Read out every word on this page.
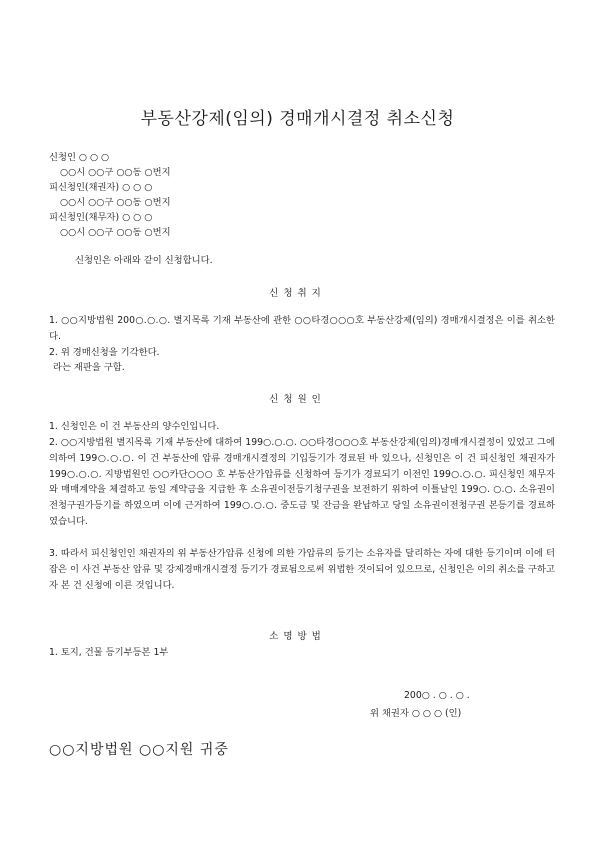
부동산강제(임의) 경매개시결정 취소신청
신청인 ○ ○ ○
○○시 ○○구 ○○동 ○번지
피신청인(채권자) ○ ○ ○
○○시 ○○구 ○○동 ○번지
피신청인(채무자) ○ ○ ○
○○시 ○○구 ○○동 ○번지
신청인은 아래와 같이 신청합니다.
신청취지
1. ○○지방법원 200○.○.○. 별지목록 기재 부동산에 관한 ○○타경○○○호 부동산강제(임의) 경매개시결정은 이를 취소한다.
2. 위 경매신청을 기각한다.
라는 재판을 구함.
신청원인
1. 신청인은 이 건 부동산의 양수인입니다.
2. ○○지방법원 별지목록 기재 부동산에 대하여 199○.○.○. ○○타경○○○호 부동산강제(임의)경매개시결정이 있었고 그에 의하여 199○.○.○. 이 건 부동산에 압류 경매개시결정의 기입등기가 경료된 바 있으나, 신청인은 이 건 피신청인 채권자가 199○.○.○. 지방법원인 ○○카단○○○ 호 부동산가압류를 신청하여 등기가 경료되기 이전인 199○.○.○. 피신청인 채무자와 매매계약을 체결하고 동일 계약금을 지급한 후 소유권이전등기청구권을 보전하기 위하여 이틀날인 199○. ○.○. 소유권이전청구권가등기를 하였으며 이에 근거하여 199○.○.○. 중도금 및 잔금을 완납하고 당일 소유권이전청구권 본등기를 경료하였습니다.
3. 따라서 피신청인인 채권자의 위 부동산가압류 신청에 의한 가압류의 등기는 소유자를 달리하는 자에 대한 등기이며 이에 터잡은 이 사건 부동산 압류 및 강제경매개시결정 등기가 경료됨으로써 위법한 것이되어 있으므로, 신청인은 이의 취소를 구하고자 본 건 신청에 이른 것입니다.
소명방법
1. 토지, 건물 등기부등본 1부
200○ . ○ . ○ .
위 채권자 ○ ○ ○ (인)
○○지방법원 ○○지원 귀중
